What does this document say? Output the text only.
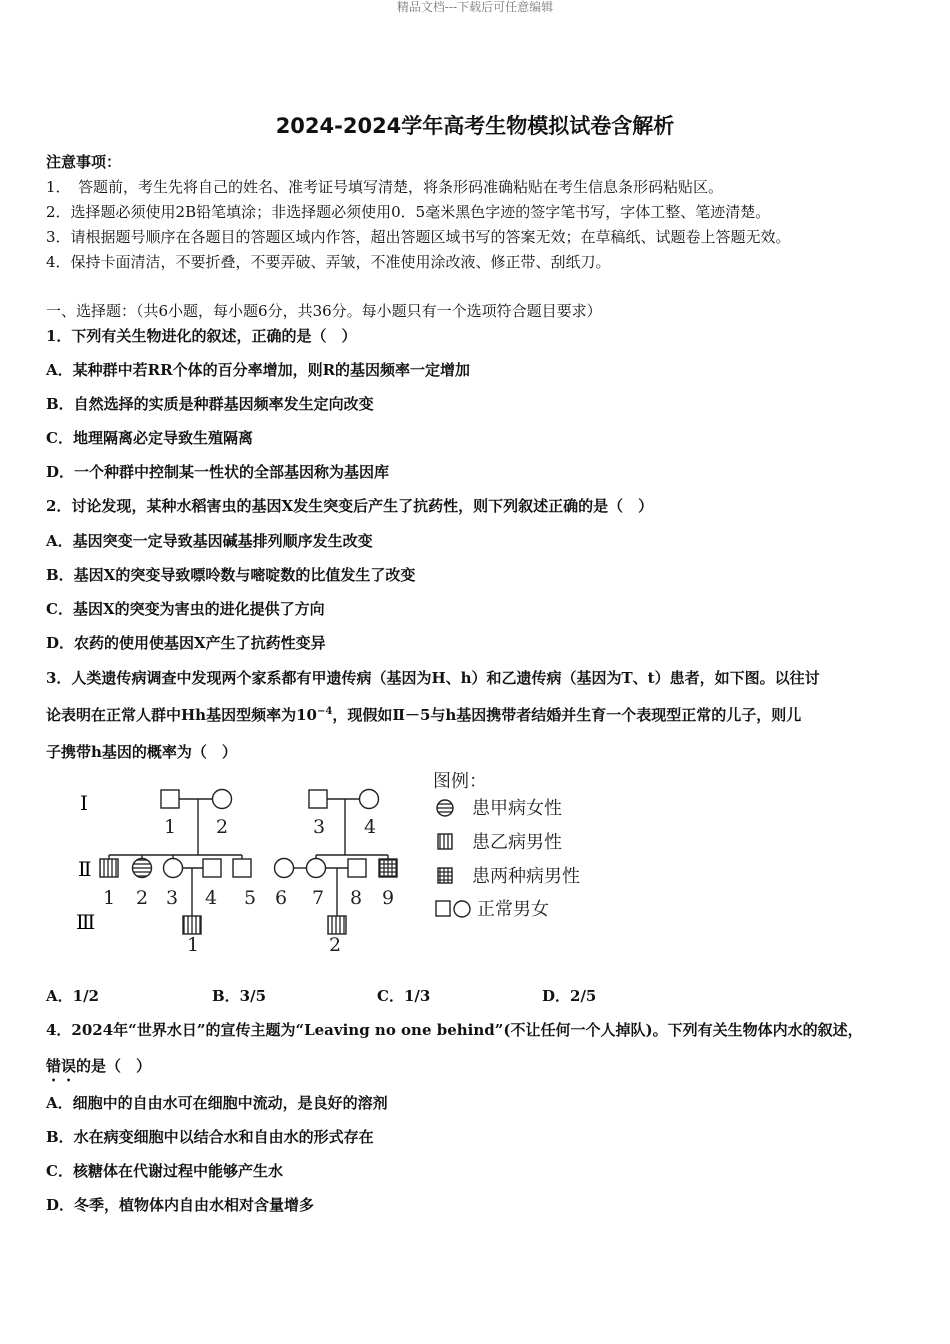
精品文档---下载后可任意编辑
2024-2024学年高考生物模拟试卷含解析
注意事项：
1．　答题前，考生先将自己的姓名、准考证号填写清楚，将条形码准确粘贴在考生信息条形码粘贴区。
2．选择题必须使用2B铅笔填涂；非选择题必须使用0．5毫米黑色字迹的签字笔书写，字体工整、笔迹清楚。
3．请根据题号顺序在各题目的答题区域内作答，超出答题区域书写的答案无效；在草稿纸、试题卷上答题无效。
4．保持卡面清洁，不要折叠，不要弄破、弄皱，不准使用涂改液、修正带、刮纸刀。
一、选择题：（共6小题，每小题6分，共36分。每小题只有一个选项符合题目要求）
1．下列有关生物进化的叙述，正确的是（　）
A．某种群中若RR个体的百分率增加，则R的基因频率一定增加
B．自然选择的实质是种群基因频率发生定向改变
C．地理隔离必定导致生殖隔离
D．一个种群中控制某一性状的全部基因称为基因库
2．讨论发现，某种水稻害虫的基因X发生突变后产生了抗药性，则下列叙述正确的是（　）
A．基因突变一定导致基因碱基排列顺序发生改变
B．基因X的突变导致嘌呤数与嘧啶数的比值发生了改变
C．基因X的突变为害虫的进化提供了方向
D．农药的使用使基因X产生了抗药性变异
3．人类遗传病调查中发现两个家系都有甲遗传病（基因为H、h）和乙遗传病（基因为T、t）患者，如下图。以往讨
论表明在正常人群中Hh基因型频率为$10^{-4}$，现假如Ⅱ－5与h基因携带者结婚并生育一个表现型正常的儿子，则儿
子携带h基因的概率为（　）
Ⅰ
Ⅱ
Ⅲ
1 2	3 4
1 2 3 4 5 6 7 8 9
1	2
图例：
患甲病女性
患乙病男性
患两种病男性
正常男女
A．1/2	B．3/5	C．1/3	D．2/5
4．2024年“世界水日”的宣传主题为“Leaving no one behind”(不让任何一个人掉队)。下列有关生物体内水的叙述，
错误的是（　）
A．细胞中的自由水可在细胞中流动，是良好的溶剂
B．水在病变细胞中以结合水和自由水的形式存在
C．核糖体在代谢过程中能够产生水
D．冬季，植物体内自由水相对含量增多
